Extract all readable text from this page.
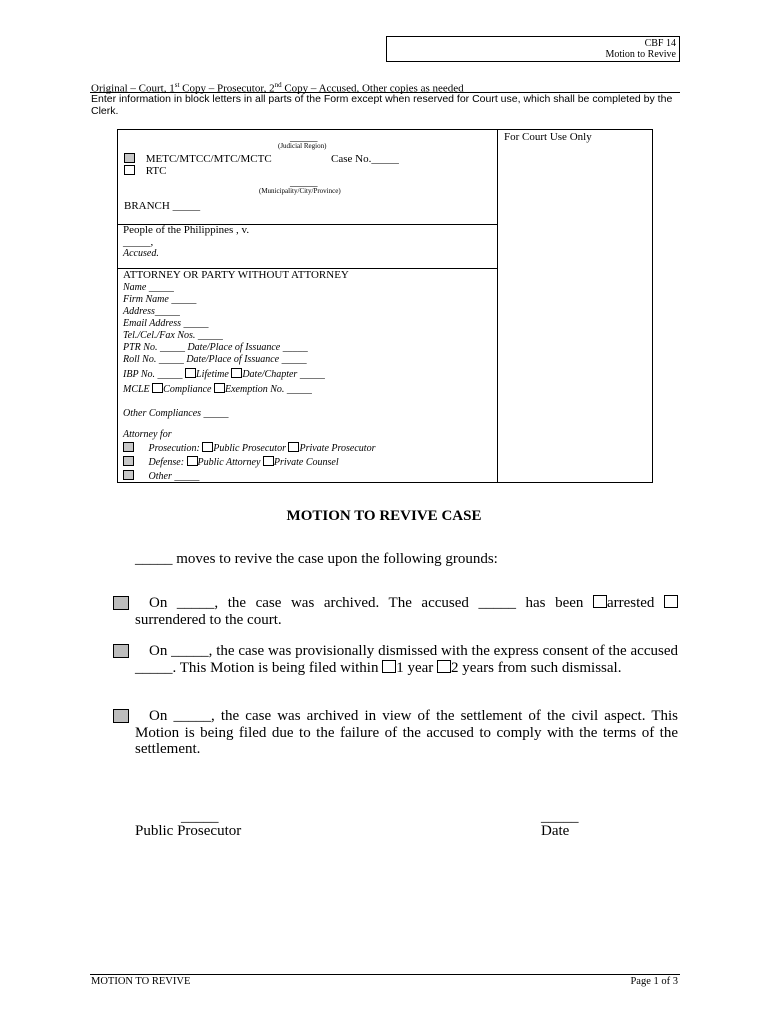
CBF 14
Motion to Revive
Original – Court, 1st Copy – Prosecutor, 2nd Copy – Accused, Other copies as needed
Enter information in block letters in all parts of the Form except when reserved for Court use, which shall be completed by the Clerk.
For Court Use Only
_____
(Judicial Region)
METC/MTCC/MTC/MCTC	Case No._____
RTC
_____
(Municipality/City/Province)
BRANCH _____
People of the Philippines , v.
_____,
Accused.
ATTORNEY OR PARTY WITHOUT ATTORNEY
Name _____
Firm Name _____
Address_____
Email Address _____
Tel./Cel./Fax Nos. _____
PTR No. _____ Date/Place of Issuance _____
Roll No. _____ Date/Place of Issuance _____
IBP No. _____ Lifetime Date/Chapter _____
MCLE Compliance Exemption No. _____
Other Compliances _____
Attorney for
Prosecution: Public Prosecutor Private Prosecutor
Defense: Public Attorney Private Counsel
Other _____
MOTION TO REVIVE CASE
_____ moves to revive the case upon the following grounds:
On _____, the case was archived. The accused _____ has been arrested surrendered to the court.
On _____, the case was provisionally dismissed with the express consent of the accused _____. This Motion is being filed within 1 year 2 years from such dismissal.
On _____, the case was archived in view of the settlement of the civil aspect. This Motion is being filed due to the failure of the accused to comply with the terms of the settlement.
_____
Public Prosecutor
_____
Date
MOTION TO REVIVE	Page 1 of 3
